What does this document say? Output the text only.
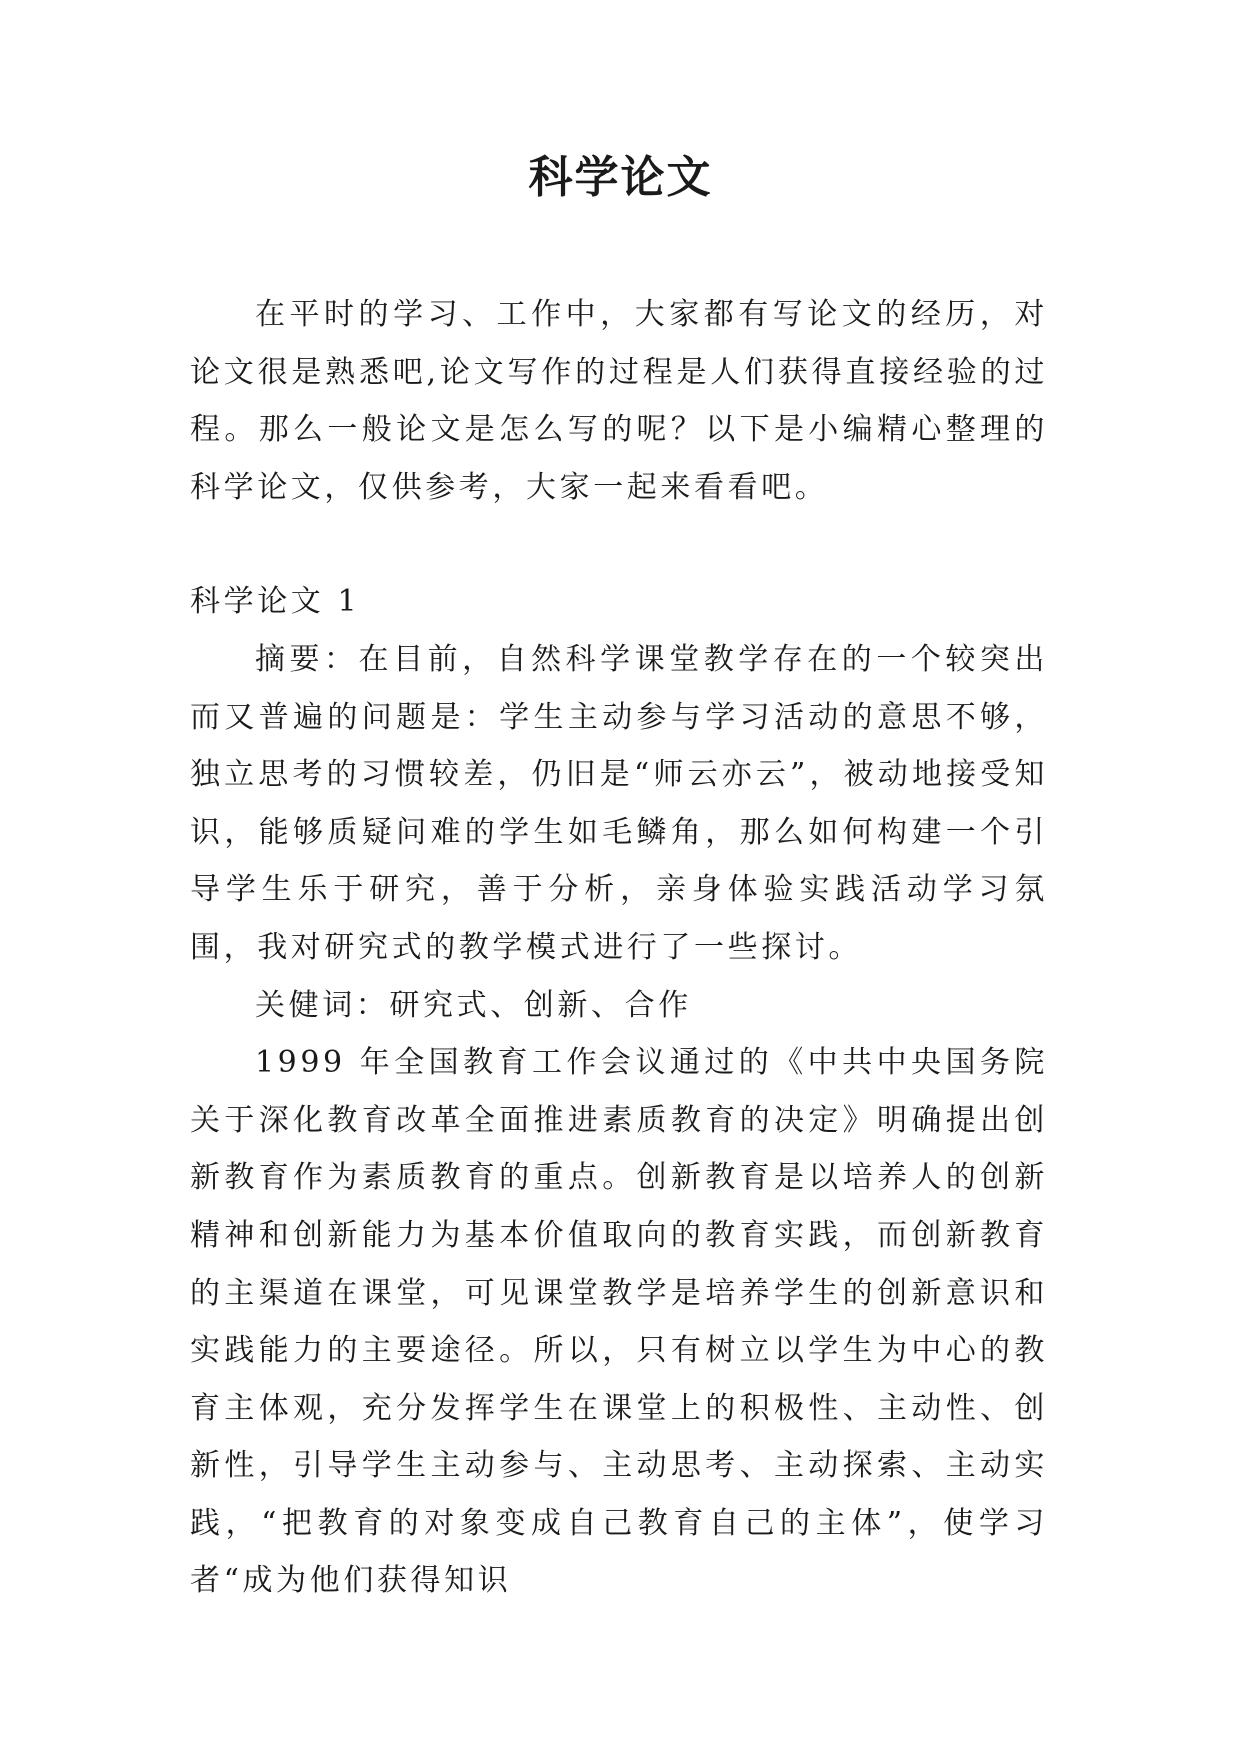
科学论文

在平时的学习、工作中，大家都有写论文的经历，对论文很是熟悉吧,论文写作的过程是人们获得直接经验的过程。那么一般论文是怎么写的呢？以下是小编精心整理的科学论文，仅供参考，大家一起来看看吧。

科学论文 1

摘要：在目前，自然科学课堂教学存在的一个较突出而又普遍的问题是：学生主动参与学习活动的意思不够，独立思考的习惯较差，仍旧是“师云亦云”，被动地接受知识，能够质疑问难的学生如毛鳞角，那么如何构建一个引导学生乐于研究，善于分析，亲身体验实践活动学习氛围，我对研究式的教学模式进行了一些探讨。

关健词：研究式、创新、合作

1999 年全国教育工作会议通过的《中共中央国务院关于深化教育改革全面推进素质教育的决定》明确提出创新教育作为素质教育的重点。创新教育是以培养人的创新精神和创新能力为基本价值取向的教育实践，而创新教育的主渠道在课堂，可见课堂教学是培养学生的创新意识和实践能力的主要途径。所以，只有树立以学生为中心的教育主体观，充分发挥学生在课堂上的积极性、主动性、创新性，引导学生主动参与、主动思考、主动探索、主动实践，“把教育的对象变成自己教育自己的主体”，使学习者“成为他们获得知识
